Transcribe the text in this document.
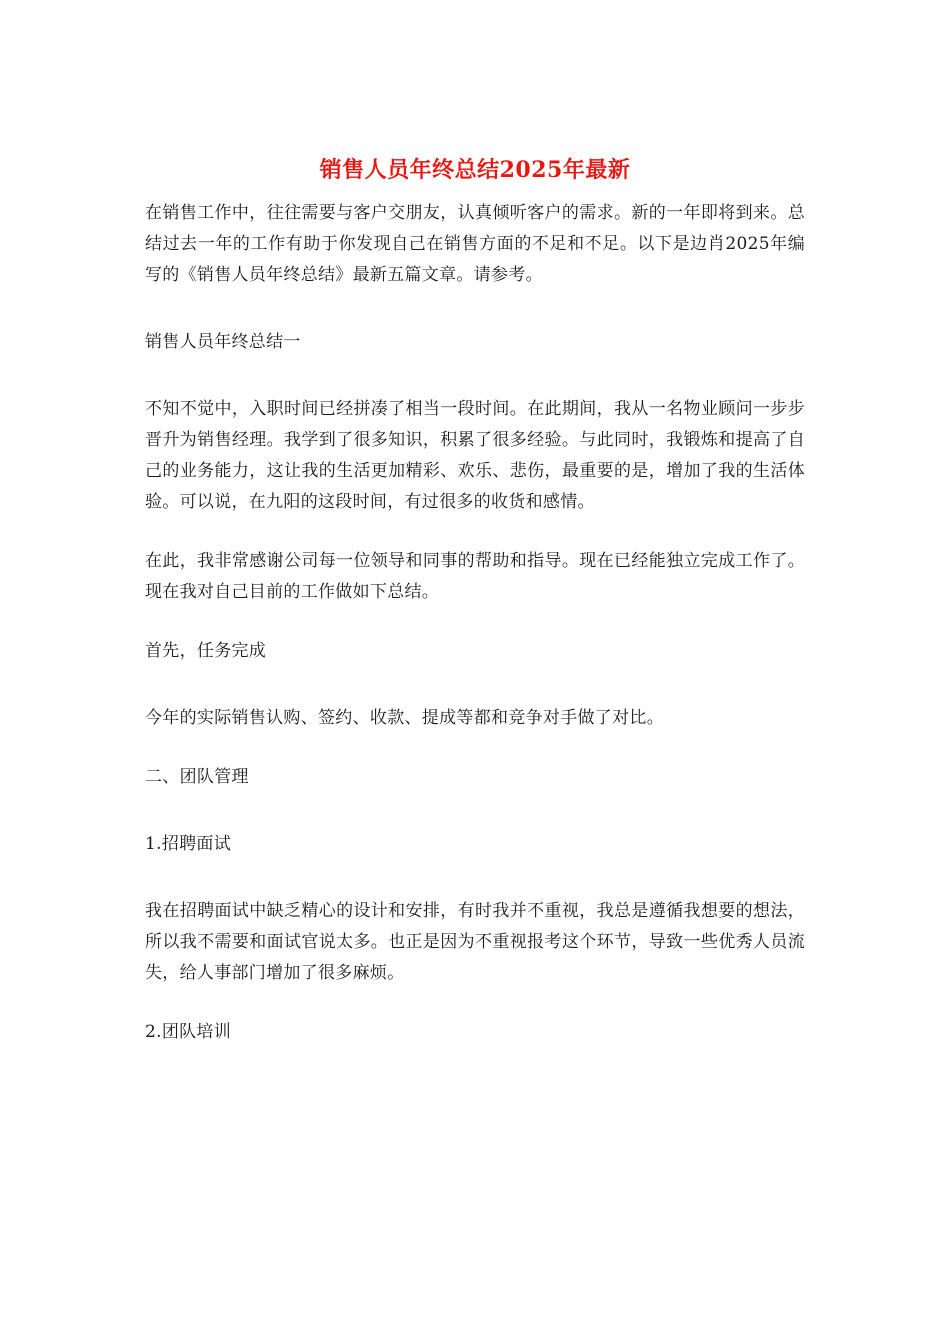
销售人员年终总结2025年最新

在销售工作中，往往需要与客户交朋友，认真倾听客户的需求。新的一年即将到来。总结过去一年的工作有助于你发现自己在销售方面的不足和不足。以下是边肖2025年编写的《销售人员年终总结》最新五篇文章。请参考。

销售人员年终总结一

不知不觉中，入职时间已经拼凑了相当一段时间。在此期间，我从一名物业顾问一步步晋升为销售经理。我学到了很多知识，积累了很多经验。与此同时，我锻炼和提高了自己的业务能力，这让我的生活更加精彩、欢乐、悲伤，最重要的是，增加了我的生活体验。可以说，在九阳的这段时间，有过很多的收货和感情。

在此，我非常感谢公司每一位领导和同事的帮助和指导。现在已经能独立完成工作了。现在我对自己目前的工作做如下总结。

首先，任务完成

今年的实际销售认购、签约、收款、提成等都和竞争对手做了对比。

二、团队管理

1.招聘面试

我在招聘面试中缺乏精心的设计和安排，有时我并不重视，我总是遵循我想要的想法，所以我不需要和面试官说太多。也正是因为不重视报考这个环节，导致一些优秀人员流失，给人事部门增加了很多麻烦。

2.团队培训
